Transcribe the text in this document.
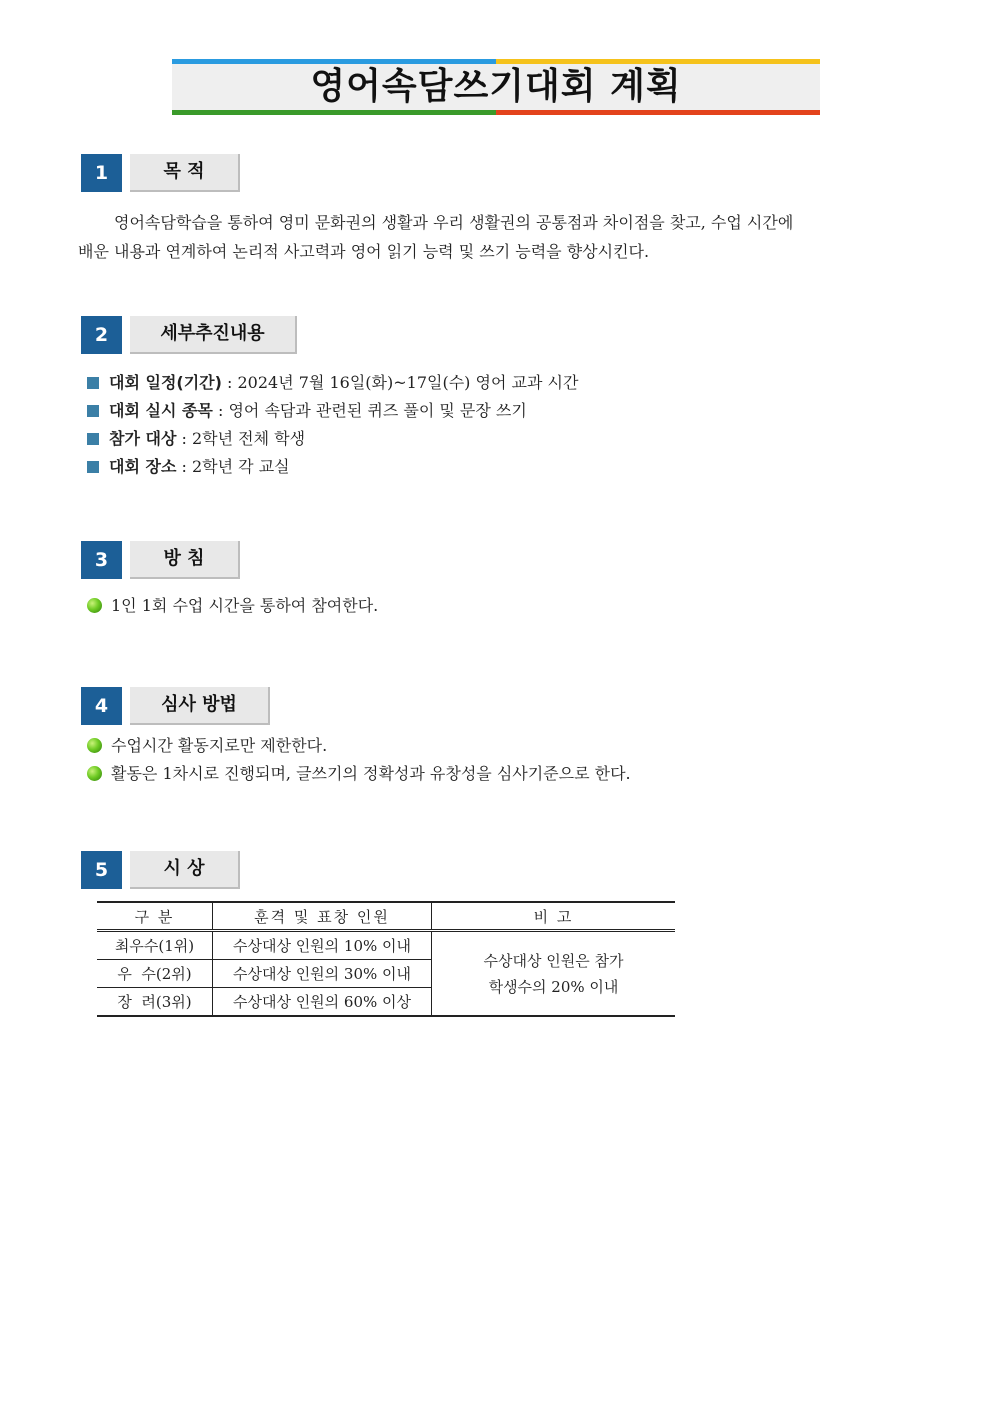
영어속담쓰기대회 계획
1	목 적
영어속담학습을 통하여 영미 문화권의 생활과 우리 생활권의 공통점과 차이점을 찾고, 수업 시간에
배운 내용과 연계하여 논리적 사고력과 영어 읽기 능력 및 쓰기 능력을 향상시킨다.
2	세부추진내용
대회 일정(기간) : 2024년 7월 16일(화)~17일(수) 영어 교과 시간
대회 실시 종목 : 영어 속담과 관련된 퀴즈 풀이 및 문장 쓰기
참가 대상 : 2학년 전체 학생
대회 장소 : 2학년 각 교실
3	방 침
1인 1회 수업 시간을 통하여 참여한다.
4	심사 방법
수업시간 활동지로만 제한한다.
활동은 1차시로 진행되며, 글쓰기의 정확성과 유창성을 심사기준으로 한다.
5	시 상
구 분	훈격 및 표창 인원	비 고
최우수(1위)	수상대상 인원의 10% 이내	수상대상 인원은 참가
학생수의 20% 이내
우  수(2위)	수상대상 인원의 30% 이내	
장  려(3위)	수상대상 인원의 60% 이상	
